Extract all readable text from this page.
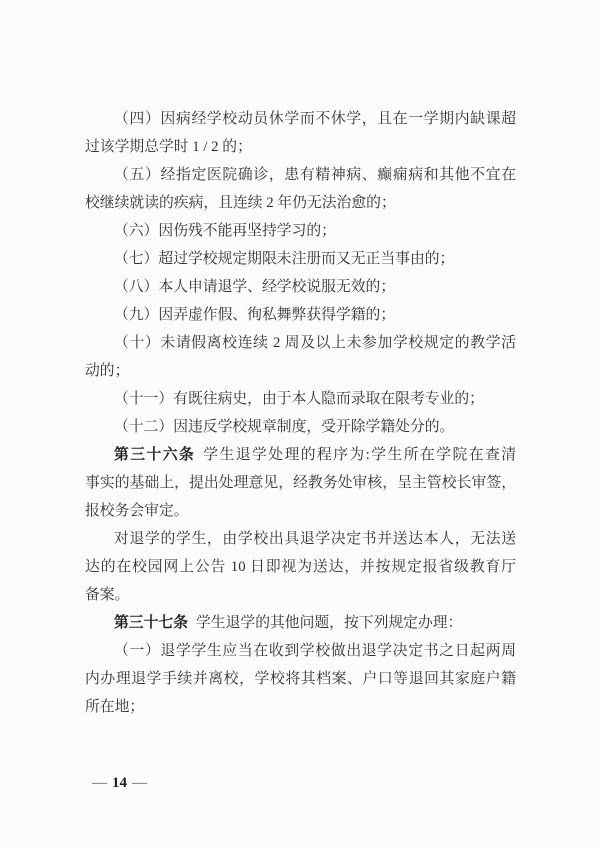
（四）因病经学校动员休学而不休学，且在一学期内缺课超
过该学期总学时 1 / 2 的；
（五）经指定医院确诊，患有精神病、癫痫病和其他不宜在
校继续就读的疾病，且连续 2 年仍无法治愈的；
（六）因伤残不能再坚持学习的；
（七）超过学校规定期限未注册而又无正当事由的；
（八）本人申请退学、经学校说服无效的；
（九）因弄虚作假、徇私舞弊获得学籍的；
（十）未请假离校连续 2 周及以上未参加学校规定的教学活
动的；
（十一）有既往病史，由于本人隐而录取在限考专业的；
（十二）因违反学校规章制度，受开除学籍处分的。
第三十六条 学生退学处理的程序为:学生所在学院在查清
事实的基础上，提出处理意见，经教务处审核，呈主管校长审签，
报校务会审定。
对退学的学生，由学校出具退学决定书并送达本人，无法送
达的在校园网上公告 10 日即视为送达，并按规定报省级教育厅
备案。
第三十七条 学生退学的其他问题，按下列规定办理：
（一）退学学生应当在收到学校做出退学决定书之日起两周
内办理退学手续并离校，学校将其档案、户口等退回其家庭户籍
所在地；
— 14 —
